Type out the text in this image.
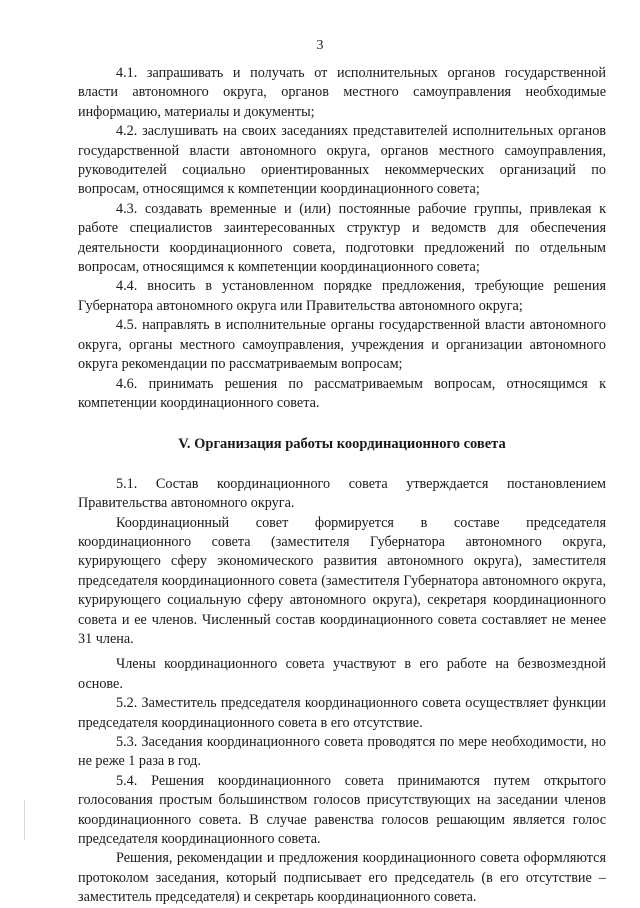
3

4.1. запрашивать и получать от исполнительных органов государственной власти автономного округа, органов местного самоуправления необходимые информацию, материалы и документы;

4.2. заслушивать на своих заседаниях представителей исполнительных органов государственной власти автономного округа, органов местного самоуправления, руководителей социально ориентированных некоммерческих организаций по вопросам, относящимся к компетенции координационного совета;

4.3. создавать временные и (или) постоянные рабочие группы, привлекая к работе специалистов заинтересованных структур и ведомств для обеспечения деятельности координационного совета, подготовки предложений по отдельным вопросам, относящимся к компетенции координационного совета;

4.4. вносить в установленном порядке предложения, требующие решения Губернатора автономного округа или Правительства автономного округа;

4.5. направлять в исполнительные органы государственной власти автономного округа, органы местного самоуправления, учреждения и организации автономного округа рекомендации по рассматриваемым вопросам;

4.6. принимать решения по рассматриваемым вопросам, относящимся к компетенции координационного совета.

V. Организация работы координационного совета

5.1. Состав координационного совета утверждается постановлением Правительства автономного округа.

Координационный совет формируется в составе председателя координационного совета (заместителя Губернатора автономного округа, курирующего сферу экономического развития автономного округа), заместителя председателя координационного совета (заместителя Губернатора автономного округа, курирующего социальную сферу автономного округа), секретаря координационного совета и ее членов. Численный состав координационного совета составляет не менее 31 члена.

Члены координационного совета участвуют в его работе на безвозмездной основе.

5.2. Заместитель председателя координационного совета осуществляет функции председателя координационного совета в его отсутствие.

5.3. Заседания координационного совета проводятся по мере необходимости, но не реже 1 раза в год.

5.4. Решения координационного совета принимаются путем открытого голосования простым большинством голосов присутствующих на заседании членов координационного совета. В случае равенства голосов решающим является голос председателя координационного совета.

Решения, рекомендации и предложения координационного совета оформляются протоколом заседания, который подписывает его председатель (в его отсутствие – заместитель председателя) и секретарь координационного совета.
